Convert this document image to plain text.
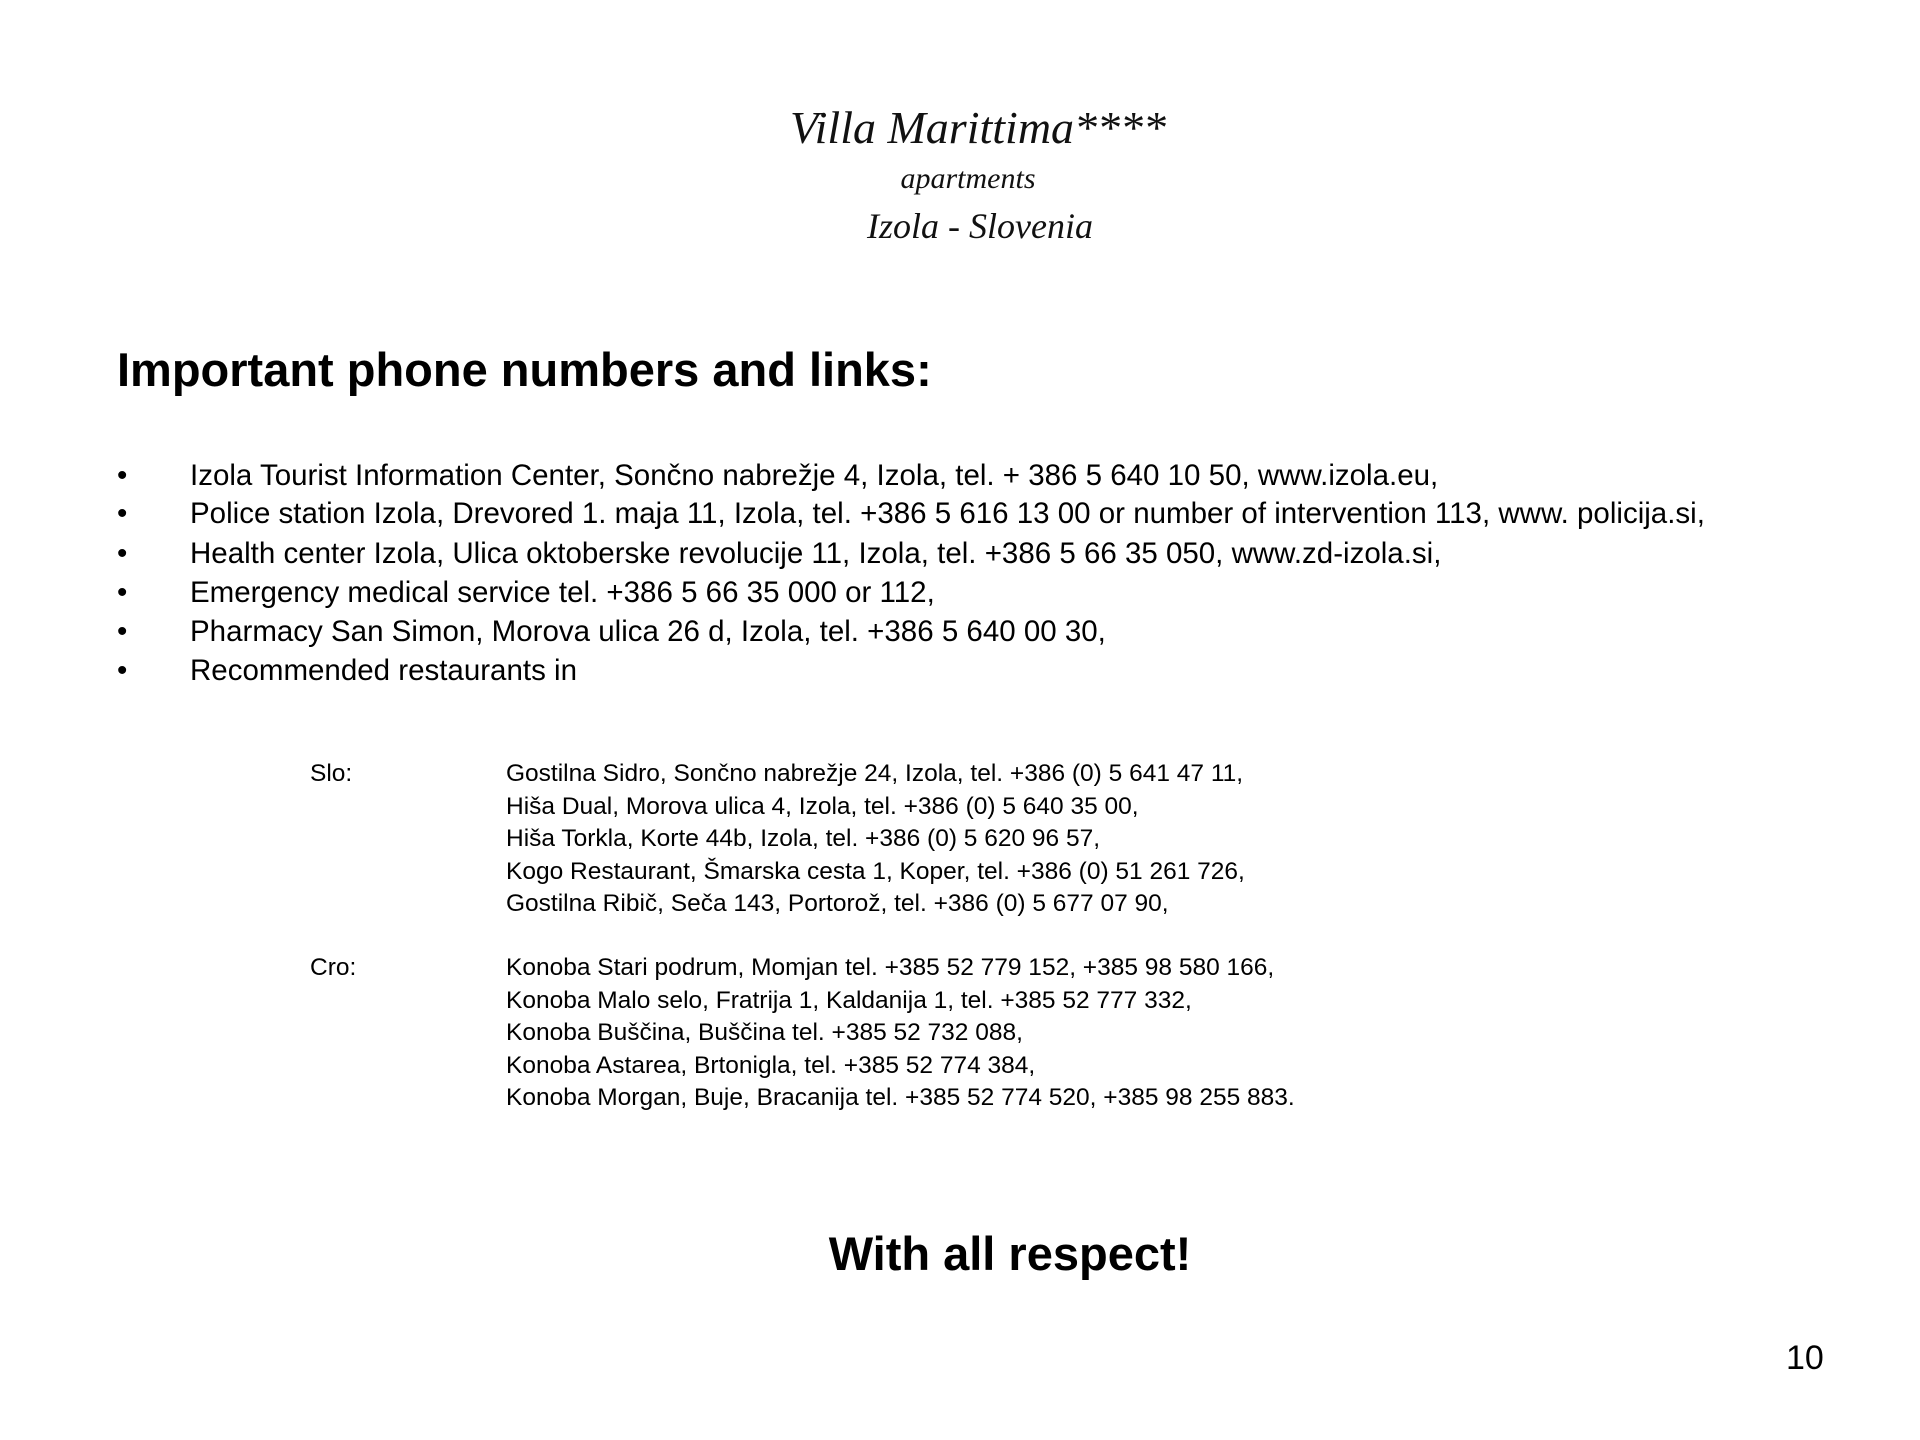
Villa Marittima****
apartments
Izola - Slovenia
Important phone numbers and links:
• Izola Tourist Information Center, Sončno nabrežje 4, Izola, tel. + 386 5 640 10 50, www.izola.eu,
• Police station Izola, Drevored 1. maja 11, Izola, tel. +386 5 616 13 00 or number of intervention 113, www. policija.si,
• Health center Izola, Ulica oktoberske revolucije 11, Izola, tel. +386 5 66 35 050, www.zd-izola.si,
• Emergency medical service tel. +386 5 66 35 000 or 112,
• Pharmacy San Simon, Morova ulica 26 d, Izola, tel. +386 5 640 00 30,
• Recommended restaurants in
Slo:	Gostilna Sidro, Sončno nabrežje 24, Izola, tel. +386 (0) 5 641 47 11,
Hiša Dual, Morova ulica 4, Izola, tel. +386 (0) 5 640 35 00,
Hiša Torkla, Korte 44b, Izola, tel. +386 (0) 5 620 96 57,
Kogo Restaurant, Šmarska cesta 1, Koper, tel. +386 (0) 51 261 726,
Gostilna Ribič, Seča 143, Portorož, tel. +386 (0) 5 677 07 90,
Cro:	Konoba Stari podrum, Momjan tel. +385 52 779 152, +385 98 580 166,
Konoba Malo selo, Fratrija 1, Kaldanija 1, tel. +385 52 777 332,
Konoba Buščina, Buščina tel. +385 52 732 088,
Konoba Astarea, Brtonigla, tel. +385 52 774 384,
Konoba Morgan, Buje, Bracanija tel. +385 52 774 520, +385 98 255 883.
With all respect!
10
